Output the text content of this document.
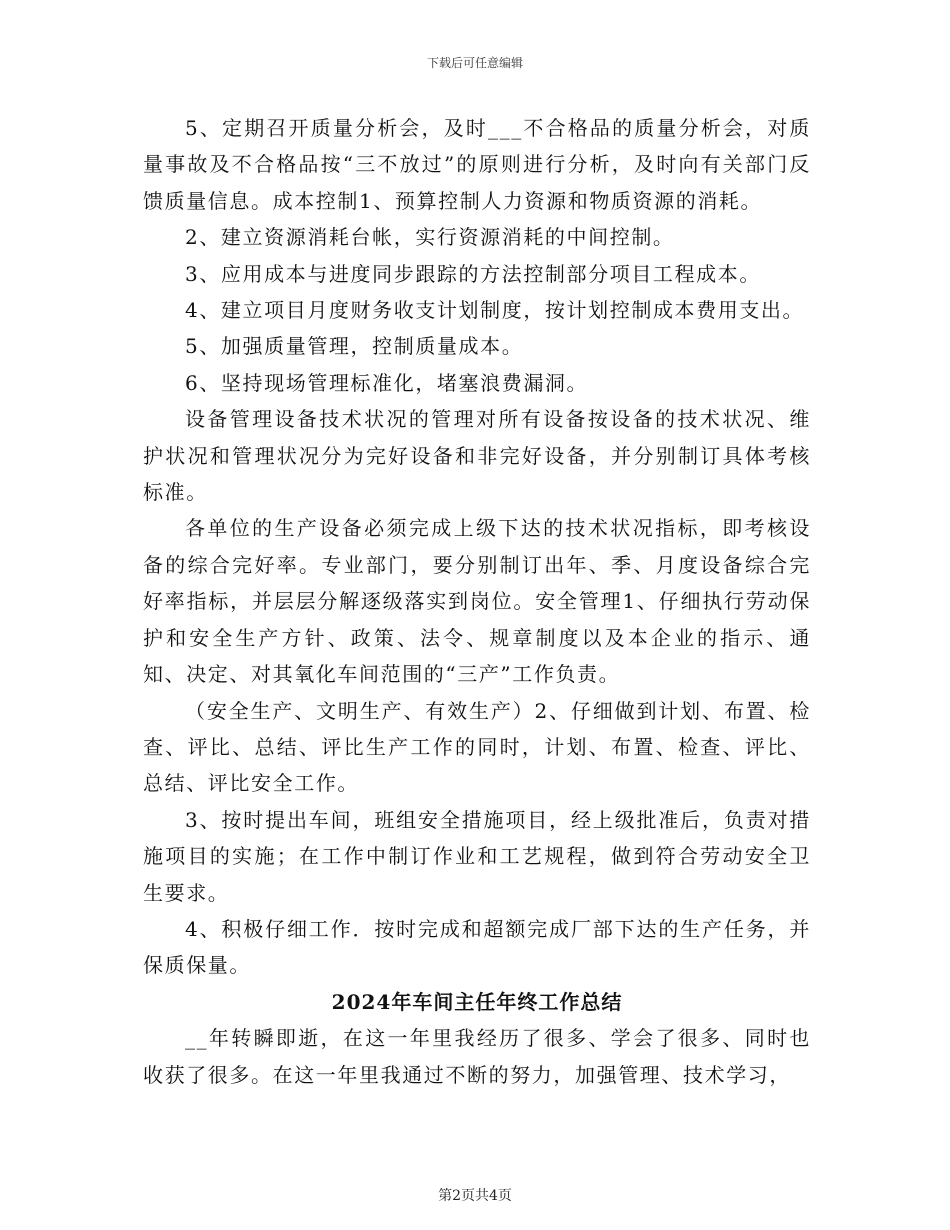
下载后可任意编辑

5、定期召开质量分析会，及时___不合格品的质量分析会，对质量事故及不合格品按“三不放过”的原则进行分析，及时向有关部门反馈质量信息。成本控制1、预算控制人力资源和物质资源的消耗。

2、建立资源消耗台帐，实行资源消耗的中间控制。

3、应用成本与进度同步跟踪的方法控制部分项目工程成本。

4、建立项目月度财务收支计划制度，按计划控制成本费用支出。

5、加强质量管理，控制质量成本。

6、坚持现场管理标准化，堵塞浪费漏洞。

设备管理设备技术状况的管理对所有设备按设备的技术状况、维护状况和管理状况分为完好设备和非完好设备，并分别制订具体考核标准。

各单位的生产设备必须完成上级下达的技术状况指标，即考核设备的综合完好率。专业部门，要分别制订出年、季、月度设备综合完好率指标，并层层分解逐级落实到岗位。安全管理1、仔细执行劳动保护和安全生产方针、政策、法令、规章制度以及本企业的指示、通知、决定、对其氧化车间范围的“三产”工作负责。

（安全生产、文明生产、有效生产）2、仔细做到计划、布置、检查、评比、总结、评比生产工作的同时，计划、布置、检查、评比、总结、评比安全工作。

3、按时提出车间，班组安全措施项目，经上级批准后，负责对措施项目的实施；在工作中制订作业和工艺规程，做到符合劳动安全卫生要求。

4、积极仔细工作．按时完成和超额完成厂部下达的生产任务，并保质保量。

2024年车间主任年终工作总结

__年转瞬即逝，在这一年里我经历了很多、学会了很多、同时也收获了很多。在这一年里我通过不断的努力，加强管理、技术学习，

第2页共4页
